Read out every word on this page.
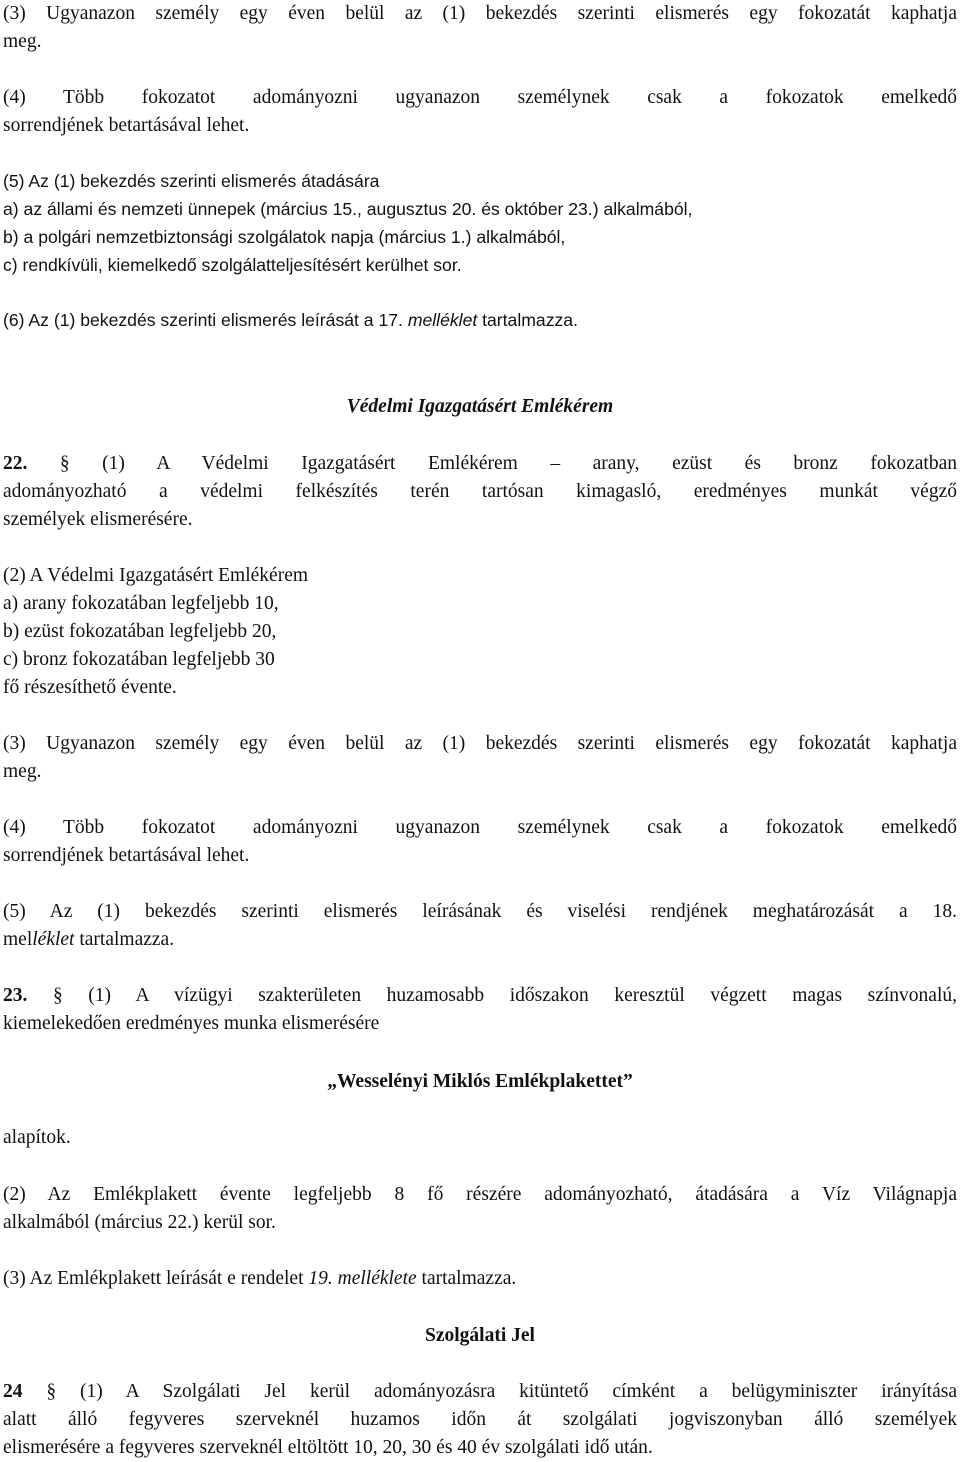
(3) Ugyanazon személy egy éven belül az (1) bekezdés szerinti elismerés egy fokozatát kaphatja
meg.
(4) Több fokozatot adományozni ugyanazon személynek csak a fokozatok emelkedő
sorrendjének betartásával lehet.
(5) Az (1) bekezdés szerinti elismerés átadására
a) az állami és nemzeti ünnepek (március 15., augusztus 20. és október 23.) alkalmából,
b) a polgári nemzetbiztonsági szolgálatok napja (március 1.) alkalmából,
c) rendkívüli, kiemelkedő szolgálatteljesítésért kerülhet sor.
(6) Az (1) bekezdés szerinti elismerés leírását a 17. melléklet tartalmazza.
Védelmi Igazgatásért Emlékérem
22. § (1) A Védelmi Igazgatásért Emlékérem – arany, ezüst és bronz fokozatban
adományozható a védelmi felkészítés terén tartósan kimagasló, eredményes munkát végző
személyek elismerésére.
(2) A Védelmi Igazgatásért Emlékérem
a) arany fokozatában legfeljebb 10,
b) ezüst fokozatában legfeljebb 20,
c) bronz fokozatában legfeljebb 30
fő részesíthető évente.
(3) Ugyanazon személy egy éven belül az (1) bekezdés szerinti elismerés egy fokozatát kaphatja
meg.
(4) Több fokozatot adományozni ugyanazon személynek csak a fokozatok emelkedő
sorrendjének betartásával lehet.
(5) Az (1) bekezdés szerinti elismerés leírásának és viselési rendjének meghatározását a 18.
melléklet tartalmazza.
23. § (1) A vízügyi szakterületen huzamosabb időszakon keresztül végzett magas színvonalú,
kiemelekedően eredményes munka elismerésére
„Wesselényi Miklós Emlékplakettet”
alapítok.
(2) Az Emlékplakett évente legfeljebb 8 fő részére adományozható, átadására a Víz Világnapja
alkalmából (március 22.) kerül sor.
(3) Az Emlékplakett leírását e rendelet 19. melléklete tartalmazza.
Szolgálati Jel
24 § (1) A Szolgálati Jel kerül adományozásra kitüntető címként a belügyminiszter irányítása
alatt álló fegyveres szerveknél huzamos időn át szolgálati jogviszonyban álló személyek
elismerésére a fegyveres szerveknél eltöltött 10, 20, 30 és 40 év szolgálati idő után.
